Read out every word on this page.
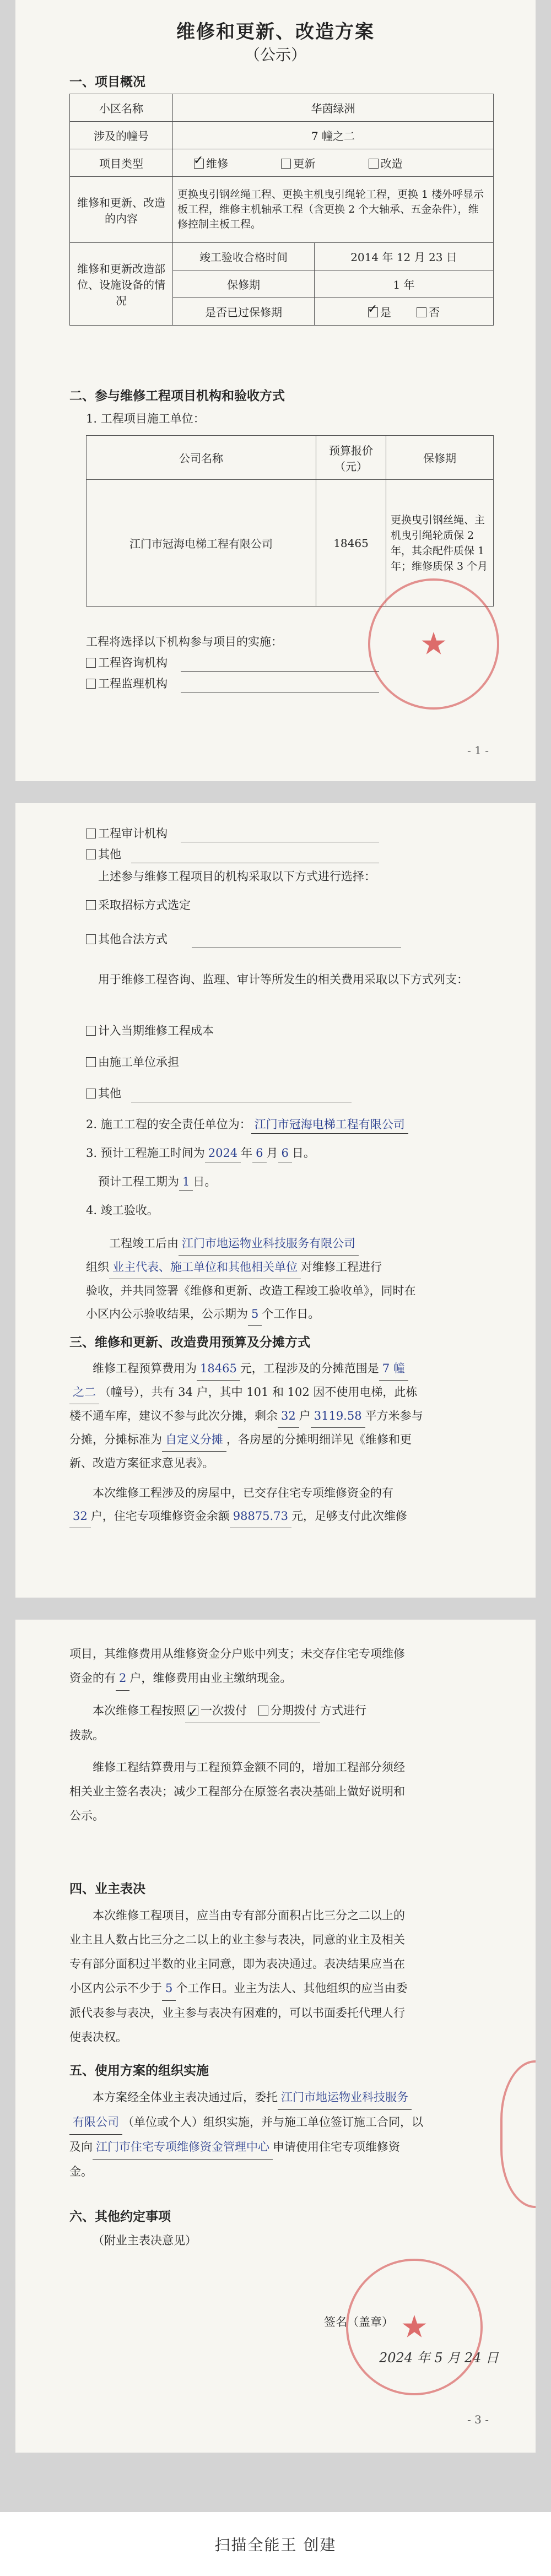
维修和更新、改造方案
（公示）
一、项目概况
小区名称	华茵绿洲	
涉及的幢号	7 幢之二	
项目类型	✓维修 更新 改造
维修和更新、改造的内容	更换曳引钢丝绳工程、更换主机曳引绳轮工程，更换 1 楼外呼显示板工程，维修主机轴承工程（含更换 2 个大轴承、五金杂件），维修控制主板工程。	
维修和更新改造部位、设施设备的情况	竣工验收合格时间	2014 年 12 月 23 日
	保修期	1 年
	是否已过保修期	✓是 否
二、参与维修工程项目机构和验收方式
1. 工程项目施工单位：
公司名称	预算报价（元）	保修期
江门市冠海电梯工程有限公司	18465	更换曳引钢丝绳、主机曳引绳轮质保 2 年，其余配件质保 1 年；维修质保 3 个月
工程将选择以下机构参与项目的实施：
工程咨询机构
工程监理机构
★
- 1 -
工程审计机构
其他
上述参与维修工程项目的机构采取以下方式进行选择：
采取招标方式选定
其他合法方式
用于维修工程咨询、监理、审计等所发生的相关费用采取以下方式列支：
计入当期维修工程成本
由施工单位承担
其他
2. 施工工程的安全责任单位为： 江门市冠海电梯工程有限公司
3. 预计工程施工时间为 2024 年 6 月 6 日。
预计工程工期为 1 日。
4. 竣工验收。
　　工程竣工后由 江门市地运物业科技服务有限公司
组织 业主代表、施工单位和其他相关单位 对维修工程进行
验收，并共同签署《维修和更新、改造工程竣工验收单》，同时在
小区内公示验收结果，公示期为 5 个工作日。
三、维修和更新、改造费用预算及分摊方式
　　维修工程预算费用为 18465 元，工程涉及的分摊范围是 7 幢
之二 （幢号），共有 34 户，其中 101 和 102 因不使用电梯，此栋
楼不通车库，建议不参与此次分摊，剩余 32 户 3119.58 平方米参与
分摊，分摊标准为 自定义分摊 ，各房屋的分摊明细详见《维修和更
新、改造方案征求意见表》。
　　本次维修工程涉及的房屋中，已交存住宅专项维修资金的有
32 户，住宅专项维修资金余额 98875.73 元，足够支付此次维修
项目，其维修费用从维修资金分户账中列支；未交存住宅专项维修
资金的有 2 户，维修费用由业主缴纳现金。
　　本次维修工程按照 ✓ 一次拨付　 分期拨付 方式进行
拨款。
　　维修工程结算费用与工程预算金额不同的，增加工程部分须经
相关业主签名表决；减少工程部分在原签名表决基础上做好说明和
公示。
四、业主表决
　　本次维修工程项目，应当由专有部分面积占比三分之二以上的
业主且人数占比三分之二以上的业主参与表决，同意的业主及相关
专有部分面积过半数的业主同意，即为表决通过。表决结果应当在
小区内公示不少于 5 个工作日。业主为法人、其他组织的应当由委
派代表参与表决，业主参与表决有困难的，可以书面委托代理人行
使表决权。
五、使用方案的组织实施
　　本方案经全体业主表决通过后，委托 江门市地运物业科技服务
有限公司 （单位或个人）组织实施，并与施工单位签订施工合同，以
及向 江门市住宅专项维修资金管理中心 申请使用住宅专项维修资
金。
六、其他约定事项
（附业主表决意见）
签名（盖章）
2024 年 5 月 24 日
★
- 3 -
扫描全能王 创建
